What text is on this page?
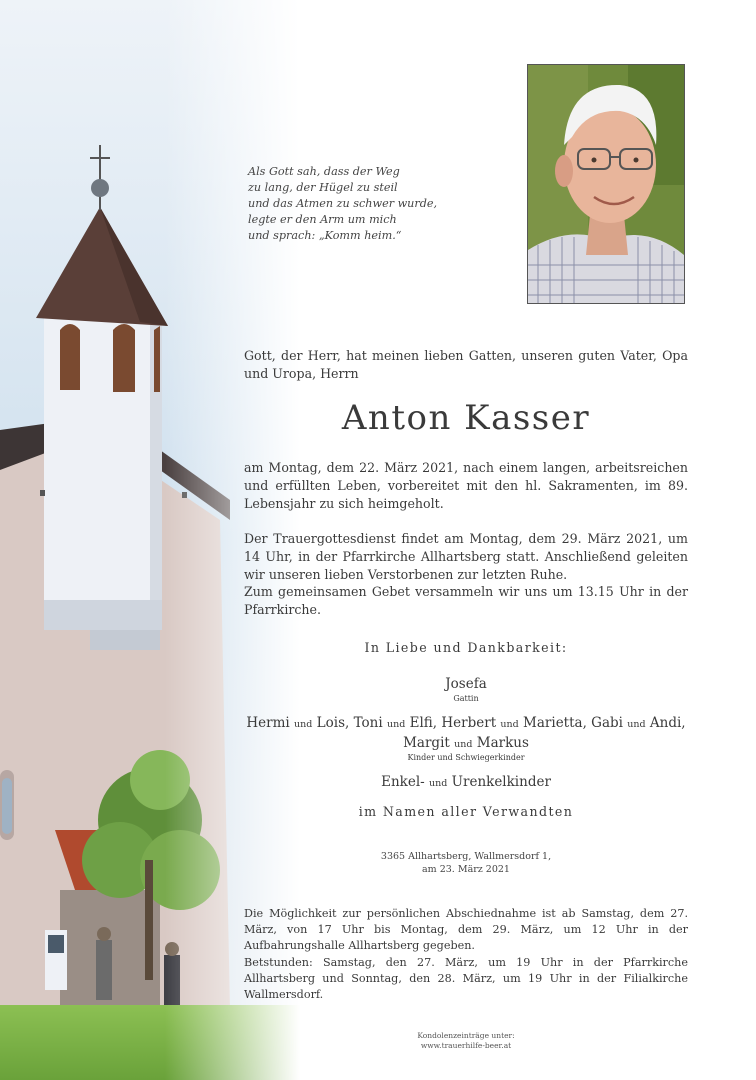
Als Gott sah, dass der Weg
zu lang, der Hügel zu steil
und das Atmen zu schwer wurde,
legte er den Arm um mich
und sprach: „Komm heim.“
Gott, der Herr, hat meinen lieben Gatten, unseren guten Vater, Opa und Uropa, Herrn
Anton Kasser
am Montag, dem 22. März 2021, nach einem langen, arbeitsreichen und erfüllten Leben, vorbereitet mit den hl. Sakramenten, im 89. Lebensjahr zu sich heimgeholt.
Der Trauergottesdienst findet am Montag, dem 29. März 2021, um 14 Uhr, in der Pfarrkirche Allhartsberg statt. Anschließend geleiten wir unseren lieben Verstorbenen zur letzten Ruhe.
Zum gemeinsamen Gebet versammeln wir uns um 13.15 Uhr in der Pfarrkirche.
In Liebe und Dankbarkeit:
Josefa
Gattin
Hermi und Lois, Toni und Elfi, Herbert und Marietta, Gabi und Andi,
Margit und Markus
Kinder und Schwiegerkinder
Enkel- und Urenkelkinder
im Namen aller Verwandten
3365 Allhartsberg, Wallmersdorf 1,
am 23. März 2021
Die Möglichkeit zur persönlichen Abschiednahme ist ab Samstag, dem 27. März, von 17 Uhr bis Montag, dem 29. März, um 12 Uhr in der Aufbahrungshalle Allhartsberg gegeben.
Betstunden: Samstag, den 27. März, um 19 Uhr in der Pfarrkirche Allhartsberg und Sonntag, den 28. März, um 19 Uhr in der Filialkirche Wallmersdorf.
Kondolenzeinträge unter:
www.trauerhilfe-beer.at
